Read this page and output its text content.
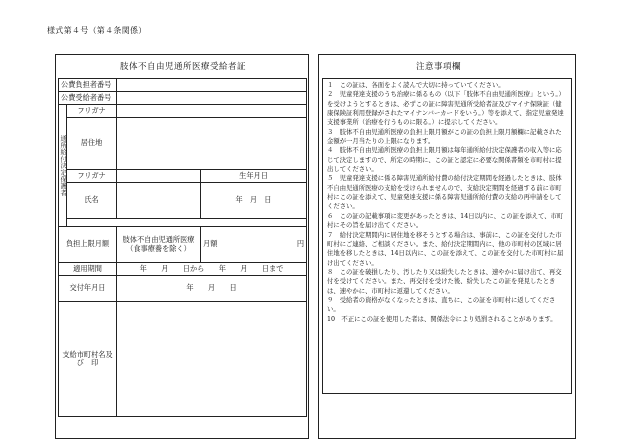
様式第４号（第４条関係）
肢体不自由児通所医療受給者証
公費負担者番号			
公費受給者番号			
通所給付決定保護者	フリガナ		
	居住地		
	フリガナ		生年月日
	氏名		年　月　日

負担上限月額		肢体不自由児通所医療（食事療養を除く）	月額 円

適用期間		年　　月　　日から　　年　　月　　日まで	
交付年月日		年　　月　　日	
支給市町村名及び　印			
注意事項欄

１　この証は、各面をよく読んで大切に持っていてください。

２　児童発達支援のうち治療に係るもの（以下「肢体不自由児通所医療」という。）を受けようとするときは、必ずこの証に障害児通所受給者証及びマイナ保険証（健康保険証利用登録がされたマイナンバーカードをいう。）等を添えて、指定児童発達支援事業所（治療を行うものに限る。）に提示してください。

３　肢体不自由児通所医療の負担上限月額がこの証の負担上限月額欄に記載された金額が一月当たりの上限になります。

４　肢体不自由児通所医療の負担上限月額は毎年通所給付決定保護者の収入等に応じて決定しますので、所定の時期に、この証と認定に必要な関係書類を市町村に提出してください。

５　児童発達支援に係る障害児通所給付費の給付決定期間を経過したときは、肢体不自由児通所医療の支給を受けられませんので、支給決定期間を経過する前に市町村にこの証を添えて、児童発達支援に係る障害児通所給付費の支給の再申請をしてください。

６　この証の記載事項に変更があったときは、14日以内に、この証を添えて、市町村にその旨を届け出てください。

７　給付決定期間内に居住地を移そうとする場合は、事前に、この証を交付した市町村にご連絡、ご相談ください。また、給付決定期間内に、他の市町村の区域に居住地を移したときは、14日以内に、この証を添えて、この証を交付した市町村に届け出てください。

８　この証を破損したり、汚したり又は紛失したときは、速やかに届け出て、再交付を受けてください。また、再交付を受けた後、紛失したこの証を発見したときは、速やかに、市町村に返還してください。

９　受給者の資格がなくなったときは、直ちに、この証を市町村に返してください。

10　不正にこの証を使用した者は、関係法令により処罰されることがあります。
